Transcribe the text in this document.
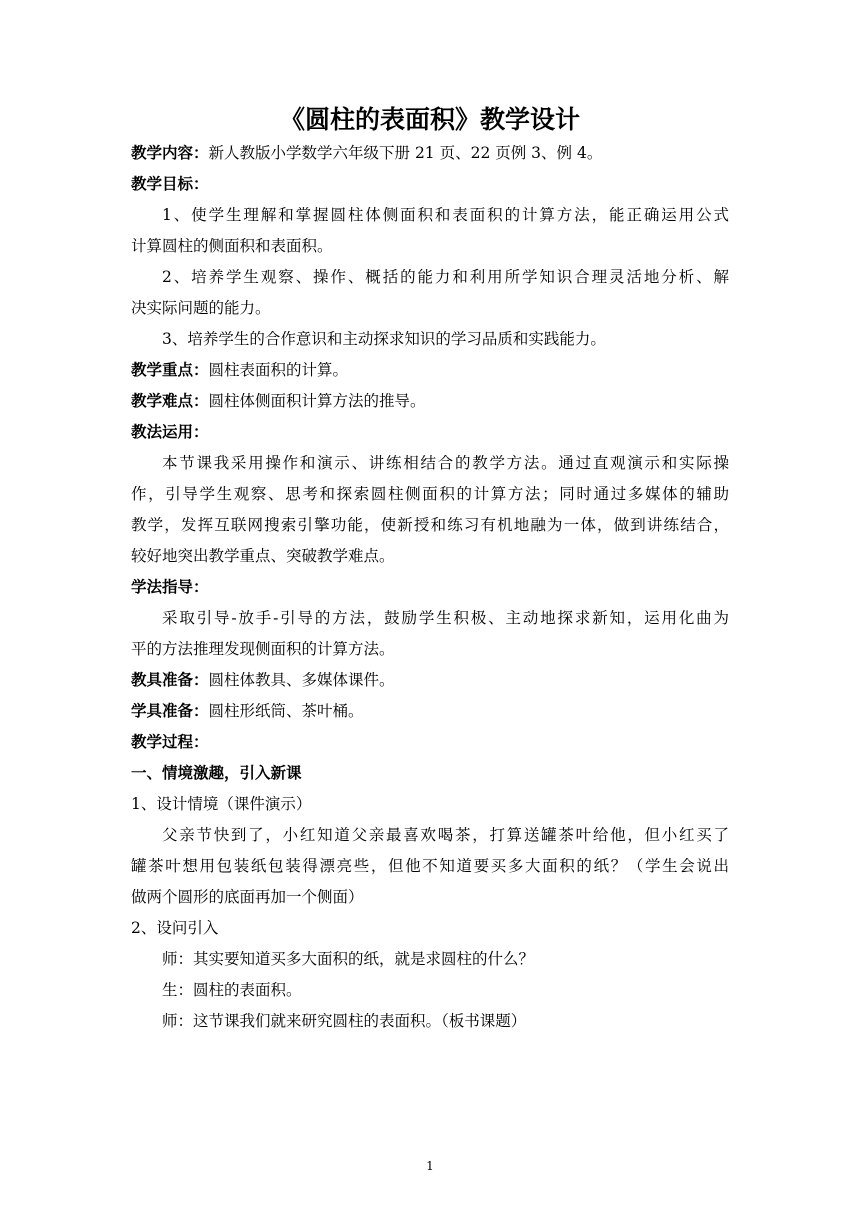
《圆柱的表面积》教学设计
教学内容：新人教版小学数学六年级下册 21 页、22 页例 3、例 4。
教学目标：
1、使学生理解和掌握圆柱体侧面积和表面积的计算方法，能正确运用公式
计算圆柱的侧面积和表面积。
2、培养学生观察、操作、概括的能力和利用所学知识合理灵活地分析、解
决实际问题的能力。
3、培养学生的合作意识和主动探求知识的学习品质和实践能力。
教学重点：圆柱表面积的计算。
教学难点：圆柱体侧面积计算方法的推导。
教法运用：
本节课我采用操作和演示、讲练相结合的教学方法。通过直观演示和实际操
作，引导学生观察、思考和探索圆柱侧面积的计算方法；同时通过多媒体的辅助
教学，发挥互联网搜索引擎功能，使新授和练习有机地融为一体，做到讲练结合，
较好地突出教学重点、突破教学难点。
学法指导：
采取引导-放手-引导的方法，鼓励学生积极、主动地探求新知，运用化曲为
平的方法推理发现侧面积的计算方法。
教具准备：圆柱体教具、多媒体课件。
学具准备：圆柱形纸筒、茶叶桶。
教学过程：
一、情境激趣，引入新课
1、设计情境（课件演示）
父亲节快到了，小红知道父亲最喜欢喝茶，打算送罐茶叶给他，但小红买了
罐茶叶想用包装纸包装得漂亮些，但他不知道要买多大面积的纸？（学生会说出
做两个圆形的底面再加一个侧面）
2、设问引入
师：其实要知道买多大面积的纸，就是求圆柱的什么？
生：圆柱的表面积。
师：这节课我们就来研究圆柱的表面积。（板书课题）
1
